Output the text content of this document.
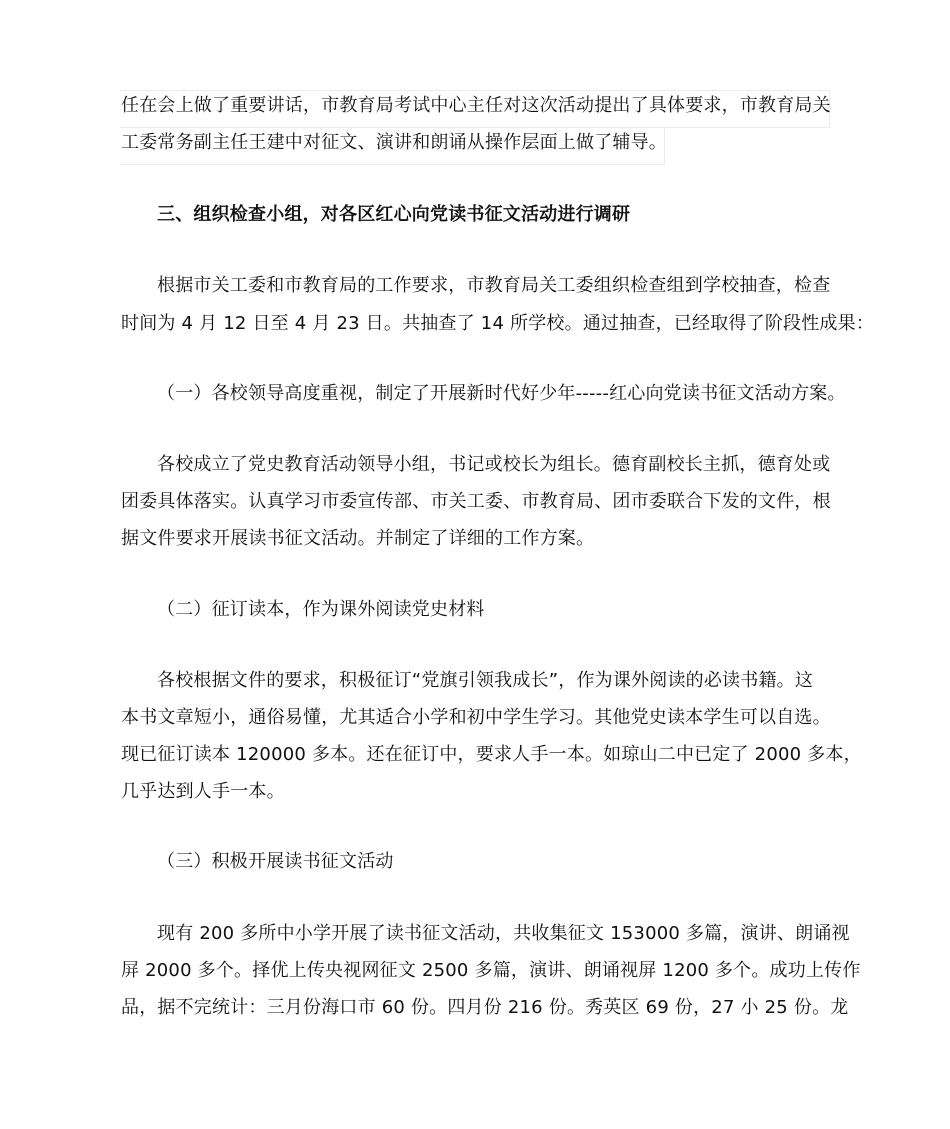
任在会上做了重要讲话，市教育局考试中心主任对这次活动提出了具体要求，市教育局关
工委常务副主任王建中对征文、演讲和朗诵从操作层面上做了辅导。
三、组织检查小组，对各区红心向党读书征文活动进行调研
根据市关工委和市教育局的工作要求，市教育局关工委组织检查组到学校抽查，检查
时间为 4 月 12 日至 4 月 23 日。共抽查了 14 所学校。通过抽查，已经取得了阶段性成果：
（一）各校领导高度重视，制定了开展新时代好少年-----红心向党读书征文活动方案。
各校成立了党史教育活动领导小组，书记或校长为组长。德育副校长主抓，德育处或
团委具体落实。认真学习市委宣传部、市关工委、市教育局、团市委联合下发的文件，根
据文件要求开展读书征文活动。并制定了详细的工作方案。
（二）征订读本，作为课外阅读党史材料
各校根据文件的要求，积极征订“党旗引领我成长”，作为课外阅读的必读书籍。这
本书文章短小，通俗易懂，尤其适合小学和初中学生学习。其他党史读本学生可以自选。
现已征订读本 120000 多本。还在征订中，要求人手一本。如琼山二中已定了 2000 多本，
几乎达到人手一本。
（三）积极开展读书征文活动
现有 200 多所中小学开展了读书征文活动，共收集征文 153000 多篇，演讲、朗诵视
屏 2000 多个。择优上传央视网征文 2500 多篇，演讲、朗诵视屏 1200 多个。成功上传作
品，据不完统计：三月份海口市 60 份。四月份 216 份。秀英区 69 份，27 小 25 份。龙
